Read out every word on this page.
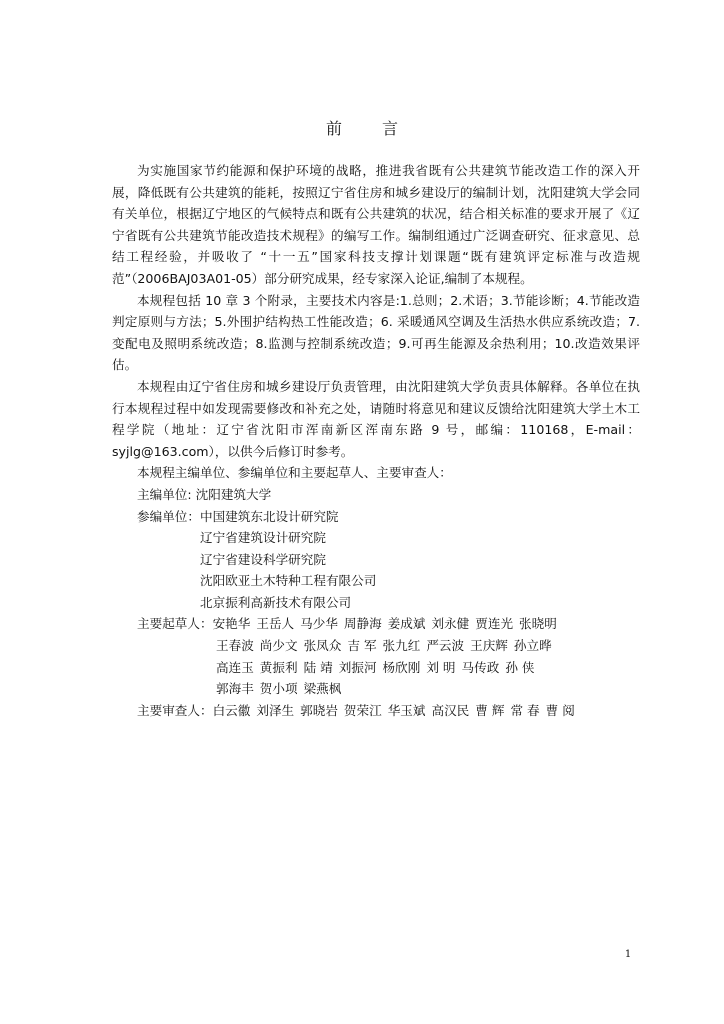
前	言

为实施国家节约能源和保护环境的战略，推进我省既有公共建筑节能改造工作的深入开展，降低既有公共建筑的能耗，按照辽宁省住房和城乡建设厅的编制计划，沈阳建筑大学会同有关单位，根据辽宁地区的气候特点和既有公共建筑的状况，结合相关标准的要求开展了《辽宁省既有公共建筑节能改造技术规程》的编写工作。编制组通过广泛调查研究、征求意见、总结工程经验，并吸收了 “十一五”国家科技支撑计划课题“既有建筑评定标准与改造规范”（2006BAJ03A01-05）部分研究成果，经专家深入论证,编制了本规程。

本规程包括 10 章 3 个附录，主要技术内容是:1.总则；2.术语；3.节能诊断；4.节能改造判定原则与方法；5.外围护结构热工性能改造；6. 采暖通风空调及生活热水供应系统改造；7. 变配电及照明系统改造；8.监测与控制系统改造；9.可再生能源及余热利用；10.改造效果评估。

本规程由辽宁省住房和城乡建设厅负责管理，由沈阳建筑大学负责具体解释。各单位在执行本规程过程中如发现需要修改和补充之处，请随时将意见和建议反馈给沈阳建筑大学土木工程学院（地址：辽宁省沈阳市浑南新区浑南东路 9 号，邮编：110168，E-mail：syjlg@163.com），以供今后修订时参考。

本规程主编单位、参编单位和主要起草人、主要审查人：

主编单位: 沈阳建筑大学

参编单位：中国建筑东北设计研究院

辽宁省建筑设计研究院

辽宁省建设科学研究院

沈阳欧亚土木特种工程有限公司

北京振利高新技术有限公司

主要起草人：安艳华 王岳人 马少华 周静海 姜成斌 刘永健 贾连光 张晓明

王春波 尚少文 张凤众 吉 军 张九红 严云波 王庆辉 孙立晔

高连玉 黄振利 陆 靖 刘振河 杨欣刚 刘 明 马传政 孙 侠

郭海丰 贺小项 梁燕枫

主要审查人：白云徽 刘泽生 郭晓岩 贺荣江 华玉斌 高汉民 曹 辉 常 春 曹 阅

1
